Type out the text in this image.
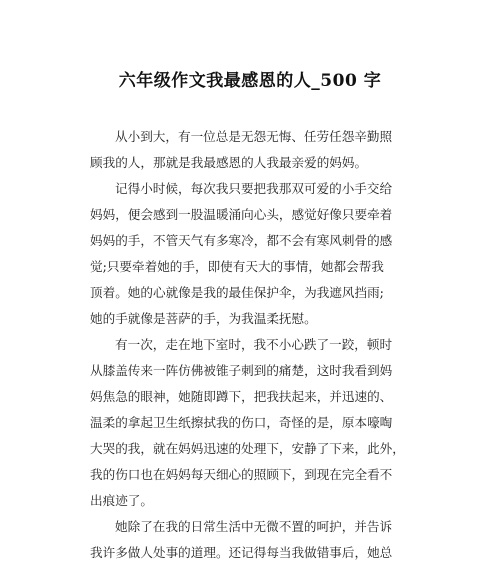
六年级作文我最感恩的人_500 字
从小到大，有一位总是无怨无悔、任劳任怨辛勤照
顾我的人，那就是我最感恩的人我最亲爱的妈妈。
记得小时候，每次我只要把我那双可爱的小手交给
妈妈，便会感到一股温暖涌向心头，感觉好像只要牵着
妈妈的手，不管天气有多寒冷，都不会有寒风刺骨的感
觉;只要牵着她的手，即使有天大的事情，她都会帮我
顶着。她的心就像是我的最佳保护伞，为我遮风挡雨;
她的手就像是菩萨的手，为我温柔抚慰。
有一次，走在地下室时，我不小心跌了一跤，顿时
从膝盖传来一阵仿佛被锥子刺到的痛楚，这时我看到妈
妈焦急的眼神，她随即蹲下，把我扶起来，并迅速的、
温柔的拿起卫生纸擦拭我的伤口，奇怪的是，原本嚎啕
大哭的我，就在妈妈迅速的处理下，安静了下来，此外，
我的伤口也在妈妈每天细心的照顾下，到现在完全看不
出痕迹了。
她除了在我的日常生活中无微不置的呵护，并告诉
我许多做人处事的道理。还记得每当我做错事后，她总
